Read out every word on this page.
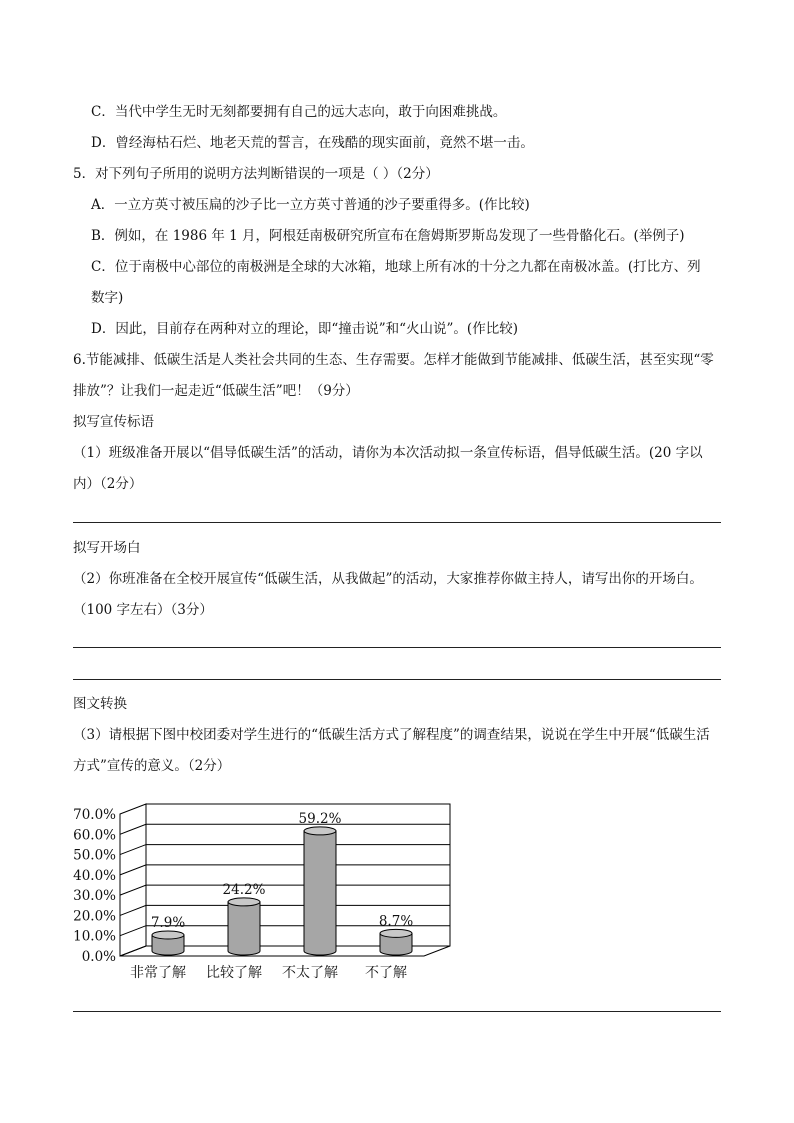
C．当代中学生无时无刻都要拥有自己的远大志向，敢于向困难挑战。
D．曾经海枯石烂、地老天荒的誓言，在残酷的现实面前，竟然不堪一击。
5．对下列句子所用的说明方法判断错误的一项是（ ）（2分）
A．一立方英寸被压扁的沙子比一立方英寸普通的沙子要重得多。(作比较)
B．例如，在 1986 年 1 月，阿根廷南极研究所宣布在詹姆斯罗斯岛发现了一些骨骼化石。(举例子)
C．位于南极中心部位的南极洲是全球的大冰箱，地球上所有冰的十分之九都在南极冰盖。(打比方、列
数字)
D．因此，目前存在两种对立的理论，即“撞击说”和“火山说”。(作比较)
6.节能减排、低碳生活是人类社会共同的生态、生存需要。怎样才能做到节能减排、低碳生活，甚至实现“零
排放”？让我们一起走近“低碳生活”吧！（9分）
拟写宣传标语
（1）班级准备开展以“倡导低碳生活”的活动，请你为本次活动拟一条宣传标语，倡导低碳生活。(20 字以
内）（2分）
拟写开场白
（2）你班准备在全校开展宣传“低碳生活，从我做起”的活动，大家推荐你做主持人，请写出你的开场白。
（100 字左右）（3分）
图文转换
（3）请根据下图中校团委对学生进行的“低碳生活方式了解程度”的调查结果，说说在学生中开展“低碳生活
方式”宣传的意义。（2分）
0.0%
10.0%
20.0%
30.0%
40.0%
50.0%
60.0%
70.0%
7.9%
非常了解
24.2%
比较了解
59.2%
不太了解
8.7%
不了解
